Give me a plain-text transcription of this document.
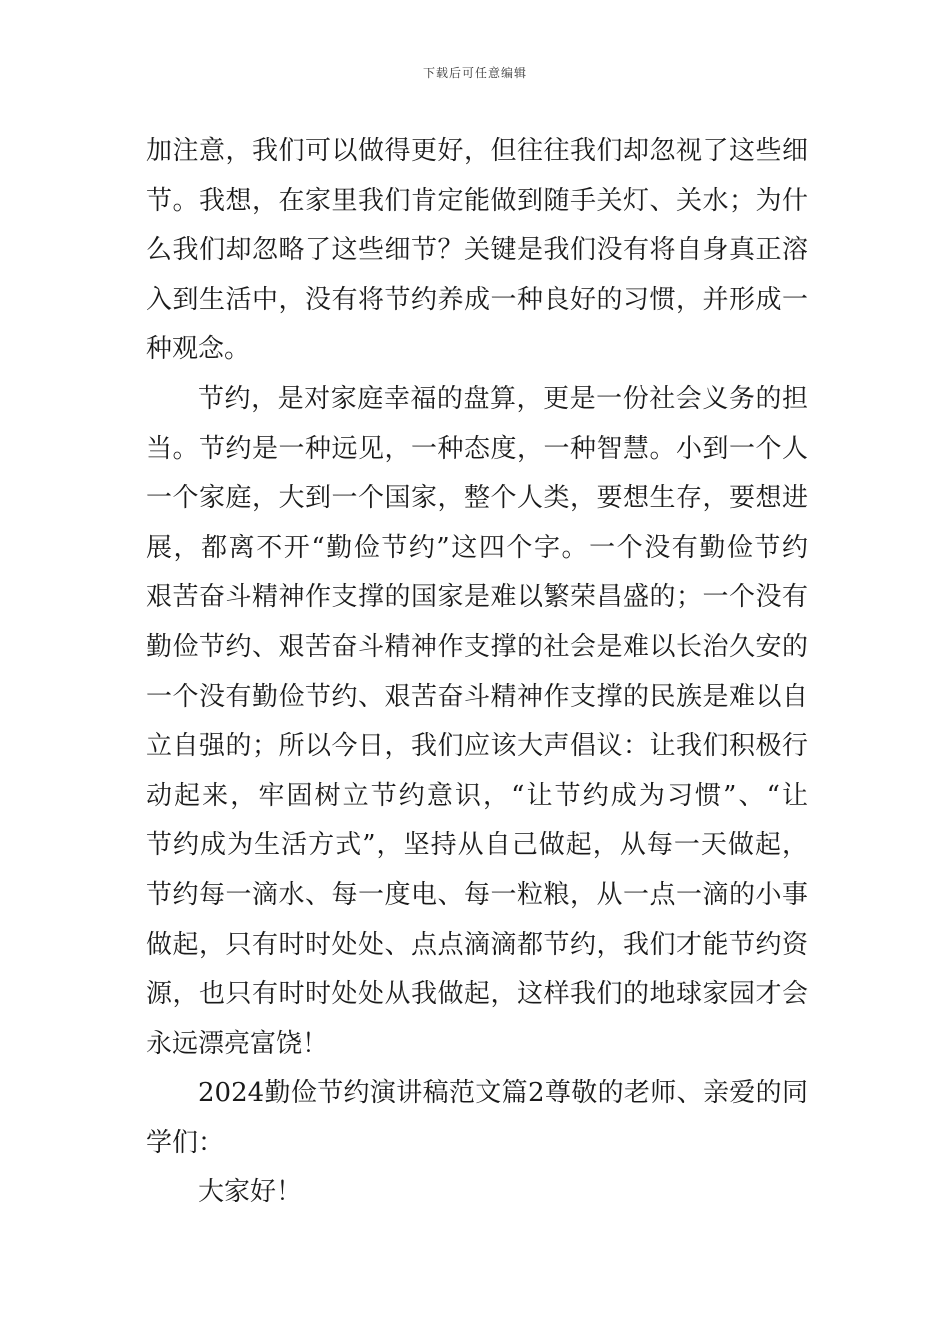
下载后可任意编辑
加注意，我们可以做得更好，但往往我们却忽视了这些细
节。我想，在家里我们肯定能做到随手关灯、关水；为什
么我们却忽略了这些细节？关键是我们没有将自身真正溶
入到生活中，没有将节约养成一种良好的习惯，并形成一
种观念。
节约，是对家庭幸福的盘算，更是一份社会义务的担
当。节约是一种远见，一种态度，一种智慧。小到一个人
一个家庭，大到一个国家，整个人类，要想生存，要想进
展，都离不开“勤俭节约”这四个字。一个没有勤俭节约
艰苦奋斗精神作支撑的国家是难以繁荣昌盛的；一个没有
勤俭节约、艰苦奋斗精神作支撑的社会是难以长治久安的
一个没有勤俭节约、艰苦奋斗精神作支撑的民族是难以自
立自强的；所以今日，我们应该大声倡议：让我们积极行
动起来，牢固树立节约意识，“让节约成为习惯”、“让
节约成为生活方式”，坚持从自己做起，从每一天做起，
节约每一滴水、每一度电、每一粒粮，从一点一滴的小事
做起，只有时时处处、点点滴滴都节约，我们才能节约资
源，也只有时时处处从我做起，这样我们的地球家园才会
永远漂亮富饶！
2024勤俭节约演讲稿范文篇2尊敬的老师、亲爱的同
学们：
大家好！
